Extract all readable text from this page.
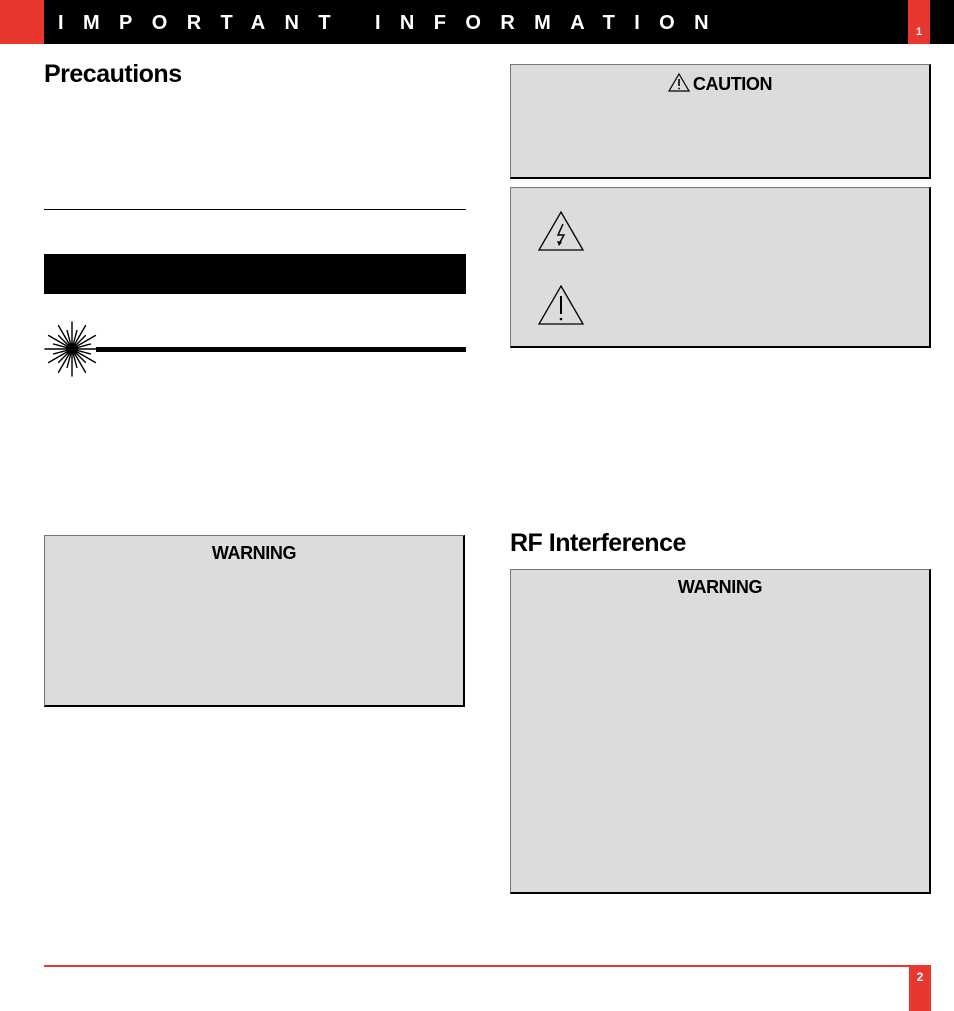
IMPORTANT INFORMATION	1
Precautions
WARNING
CAUTION
RF Interference
WARNING
2
